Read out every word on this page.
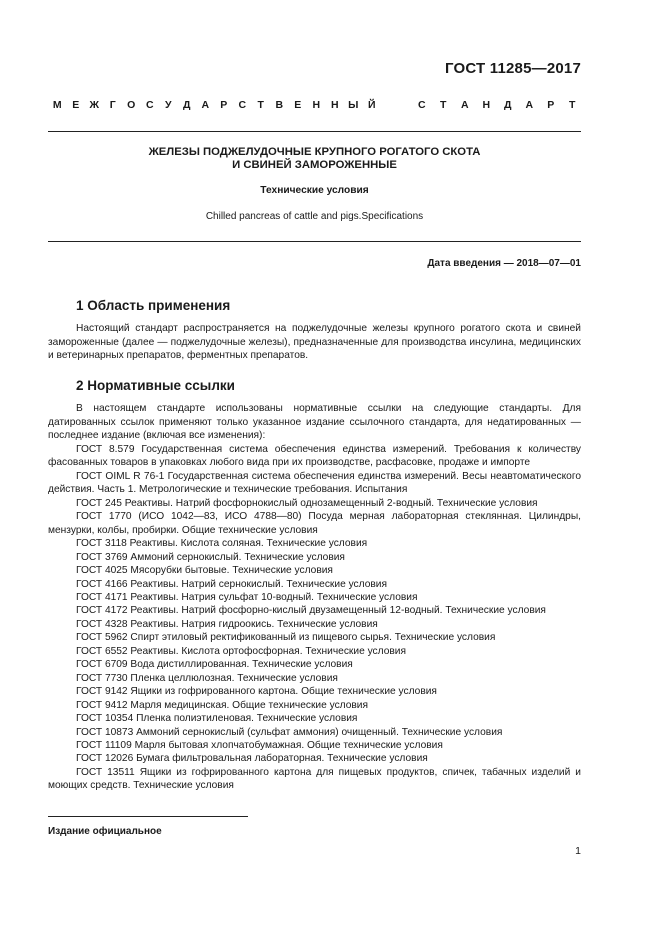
ГОСТ 11285—2017
М	Е Ж	Г	О	С	У	Д	А	Р	С	Т	В	Е	Н	Н Ы Й	С	Т	А	Н	Д	А	Р	Т
ЖЕЛЕЗЫ ПОДЖЕЛУДОЧНЫЕ КРУПНОГО РОГАТОГО СКОТА
И СВИНЕЙ ЗАМОРОЖЕННЫЕ
Технические условия
Chilled pancreas of cattle and pigs.Specifications
Дата введения — 2018—07—01
1 Область применения

Настоящий стандарт распространяется на поджелудочные железы крупного рогатого скота и свиней замороженные (далее — поджелудочные железы), предназначенные для производства инсулина, медицинских и ветеринарных препаратов, ферментных препаратов.

2 Нормативные ссылки

В настоящем стандарте использованы нормативные ссылки на следующие стандарты. Для датированных ссылок применяют только указанное издание ссылочного стандарта, для недатированных — последнее издание (включая все изменения):

ГОСТ 8.579 Государственная система обеспечения единства измерений. Требования к количеству фасованных товаров в упаковках любого вида при их производстве, расфасовке, продаже и импорте

ГОСТ OIML R 76-1 Государственная система обеспечения единства измерений. Весы неавтоматического действия. Часть 1. Метрологические и технические требования. Испытания

ГОСТ 245 Реактивы. Натрий фосфорнокислый однозамещенный 2-водный. Технические условия

ГОСТ 1770 (ИСО 1042—83, ИСО 4788—80) Посуда мерная лабораторная стеклянная. Цилиндры, мензурки, колбы, пробирки. Общие технические условия

ГОСТ 3118 Реактивы. Кислота соляная. Технические условия

ГОСТ 3769 Аммоний сернокислый. Технические условия

ГОСТ 4025 Мясорубки бытовые. Технические условия

ГОСТ 4166 Реактивы. Натрий сернокислый. Технические условия

ГОСТ 4171 Реактивы. Натрия сульфат 10-водный. Технические условия

ГОСТ 4172 Реактивы. Натрий фосфорно-кислый двузамещенный 12-водный. Технические условия

ГОСТ 4328 Реактивы. Натрия гидроокись. Технические условия

ГОСТ 5962 Спирт этиловый ректификованный из пищевого сырья. Технические условия

ГОСТ 6552 Реактивы. Кислота ортофосфорная. Технические условия

ГОСТ 6709 Вода дистиллированная. Технические условия

ГОСТ 7730 Пленка целлюлозная. Технические условия

ГОСТ 9142 Ящики из гофрированного картона. Общие технические условия

ГОСТ 9412 Марля медицинская. Общие технические условия

ГОСТ 10354 Пленка полиэтиленовая. Технические условия

ГОСТ 10873 Аммоний сернокислый (сульфат аммония) очищенный. Технические условия

ГОСТ 11109 Марля бытовая хлопчатобумажная. Общие технические условия

ГОСТ 12026 Бумага фильтровальная лабораторная. Технические условия

ГОСТ 13511 Ящики из гофрированного картона для пищевых продуктов, спичек, табачных изделий и моющих средств. Технические условия

Издание официальное
1
